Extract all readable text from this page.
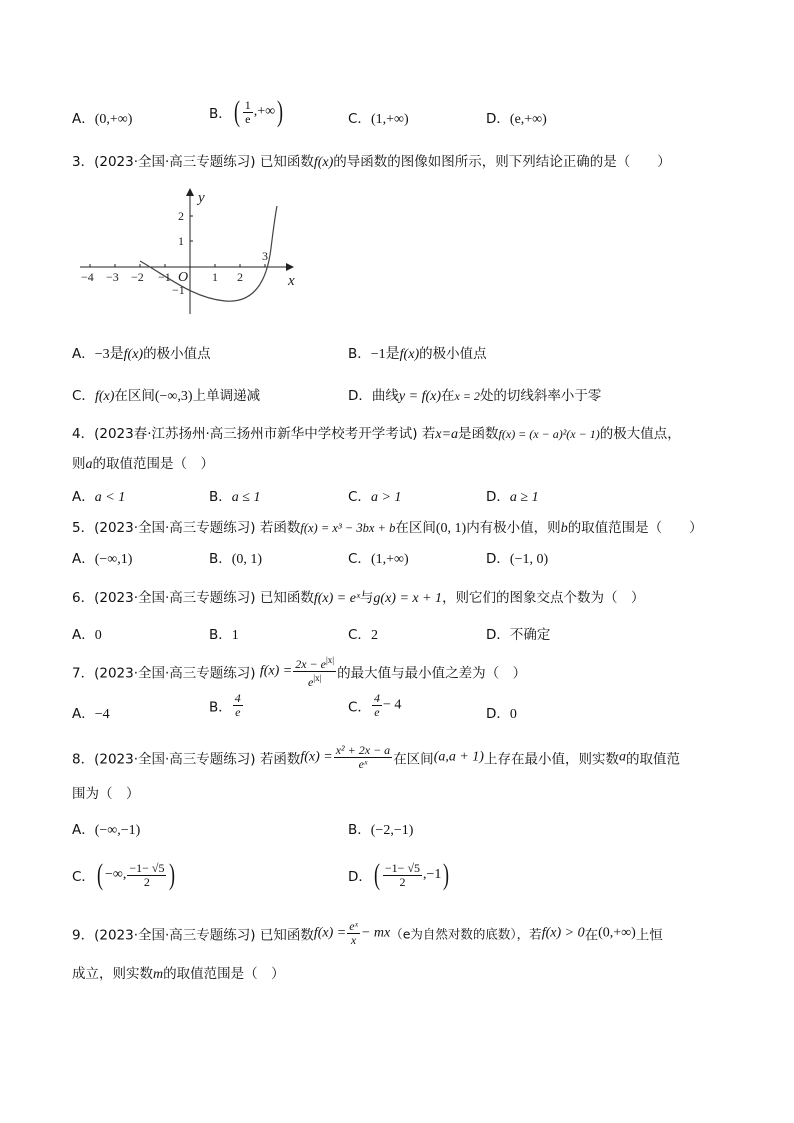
A．(0,+∞)	B．( $\frac{1}{e}$ ,+∞)	C．(1,+∞)	D．(e,+∞)
3．(2023·全国·高三专题练习) 已知函数f(x)的导函数的图像如图所示，则下列结论正确的是（　　）
−4 −3 −2 −1	1 2
3
2
1
−1
O
y
x
A．−3是f(x)的极小值点	B．−1是f(x)的极小值点
C．f(x)在区间(−∞,3)上单调递减	D．曲线y = f(x)在x = 2处的切线斜率小于零
4．(2023春·江苏扬州·高三扬州市新华中学校考开学考试) 若x=a是函数f(x) = (x − a)²(x − 1)的极大值点，
则a的取值范围是（　）
A．a < 1	B．a ≤ 1	C．a > 1	D．a ≥ 1
5．(2023·全国·高三专题练习) 若函数f(x) = x³ − 3bx + b在区间(0, 1)内有极小值，则b的取值范围是（　　）
A．(−∞,1)	B．(0, 1)	C．(1,+∞)	D．(−1, 0)
6．(2023·全国·高三专题练习) 已知函数f(x) = eˣ与g(x) = x + 1，则它们的图象交点个数为（　）
A．0	B．1	C．2	D．不确定
7．(2023·全国·高三专题练习) $f(x) = \frac{2x - e^{|x|}}{e^{|x|}}$ 的最大值与最小值之差为（　）
A．−4	B． $\frac{4}{e}$	C． $\frac{4}{e} - 4$
D．0
8．(2023·全国·高三专题练习) 若函数$f(x) = \frac{\text{x² + 2x − a}}{\text{eˣ}}$ 在区间(a,a + 1)上存在最小值，则实数a的取值范
围为（　）
A．(−∞,−1)	B．(−2,−1)
C．( −∞, $\frac{-1- √5}{2}$ )	D．( $\frac{-1- √5}{2} ,-1$)
9．(2023·全国·高三专题练习) 已知函数$f(x) = \frac{\text{eˣ}}{x} - mx(e$为自然对数的底数），若f(x) > 0在(0,+∞)上恒
成立，则实数m的取值范围是（　）
